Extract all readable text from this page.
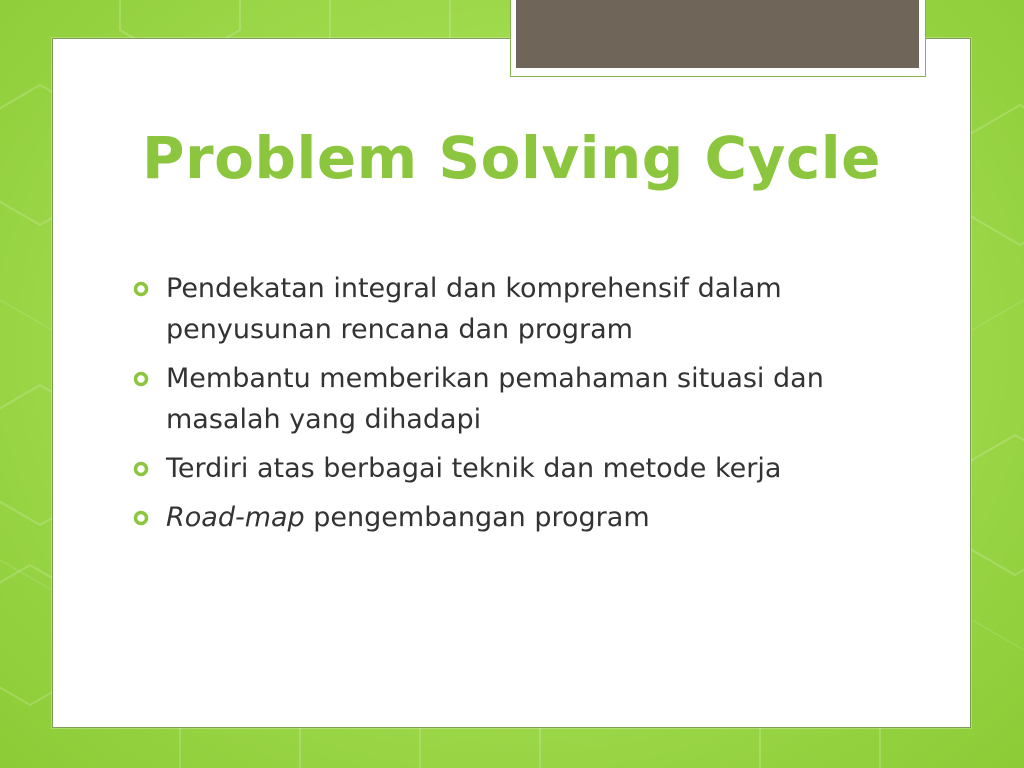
Problem Solving Cycle
Pendekatan integral dan komprehensif dalam penyusunan rencana dan program
Membantu memberikan pemahaman situasi dan masalah yang dihadapi
Terdiri atas berbagai teknik dan metode kerja
Road-map pengembangan program
